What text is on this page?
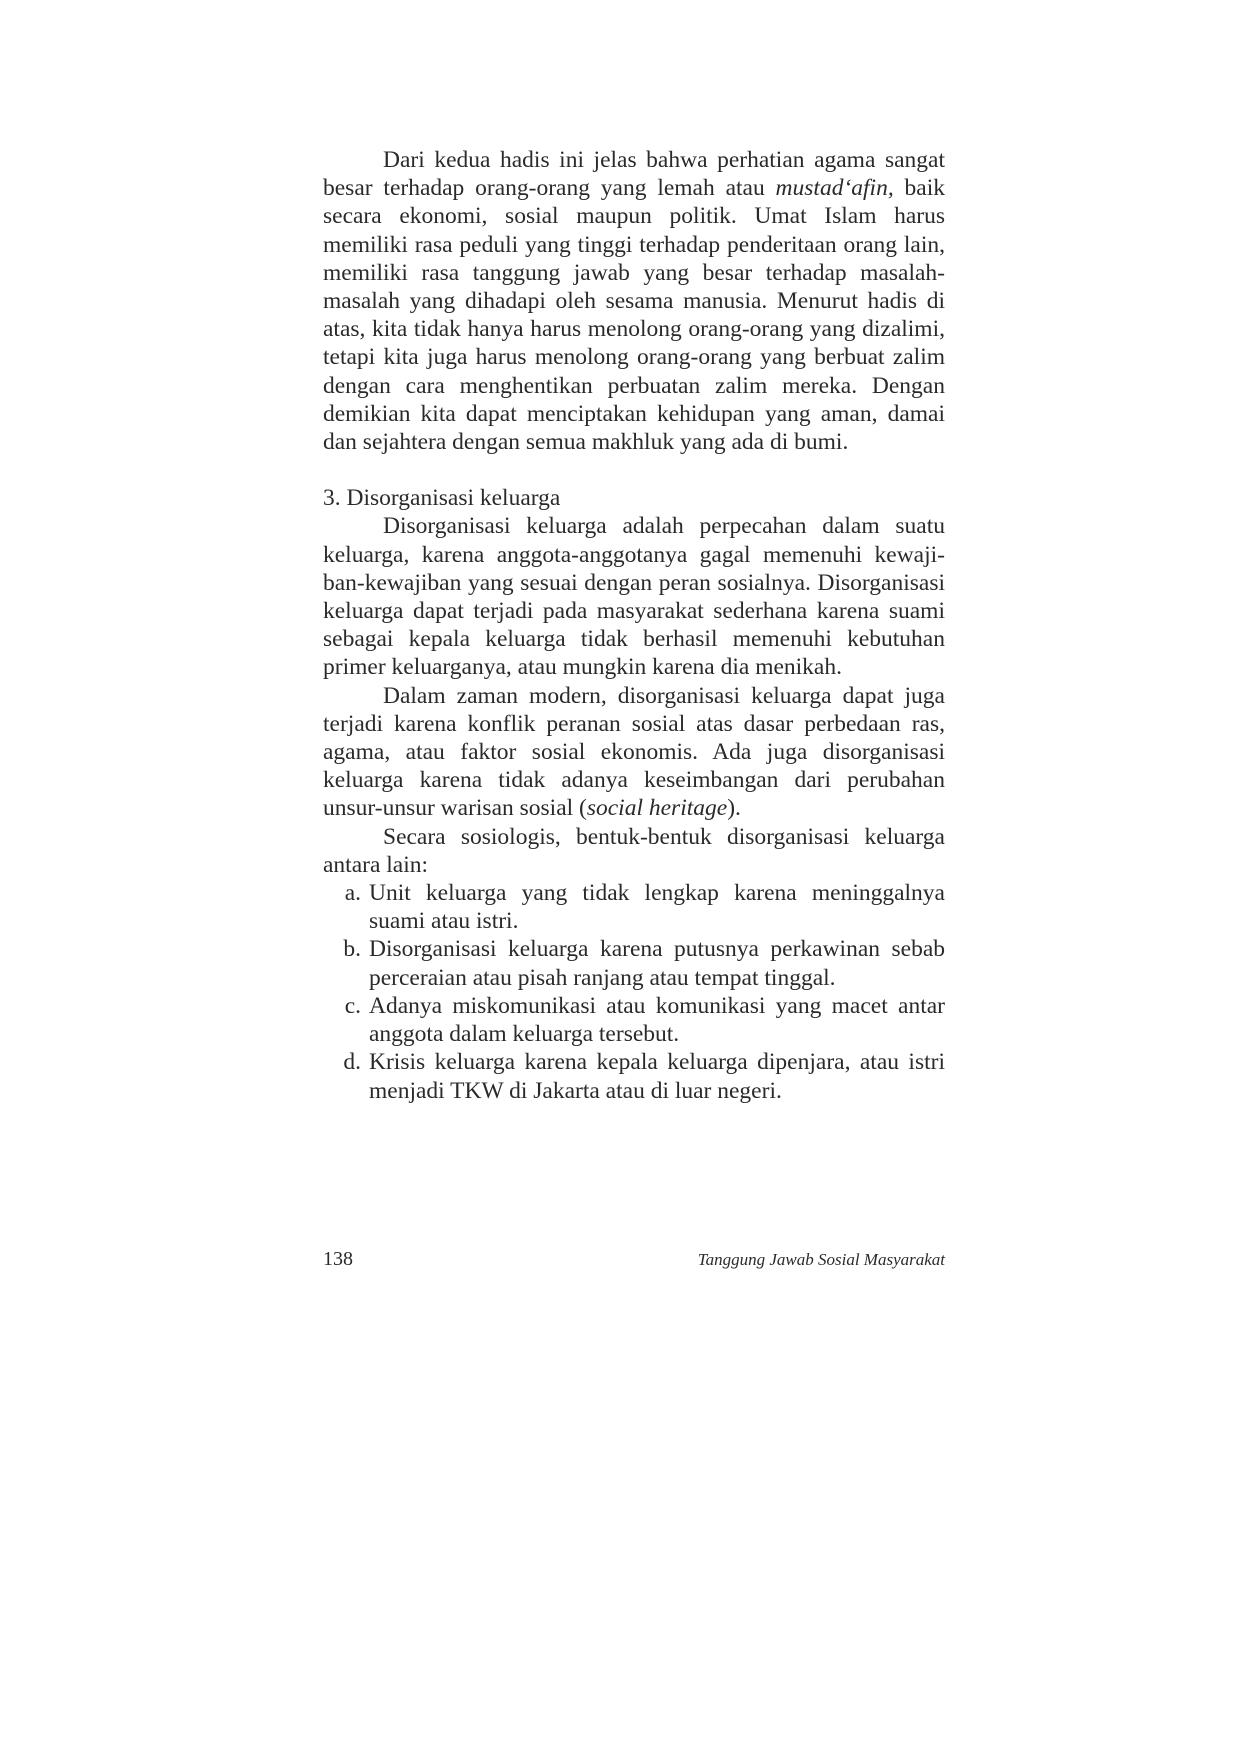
Dari kedua hadis ini jelas bahwa perhatian agama sangat besar terhadap orang-orang yang lemah atau mustad‘afin, baik secara ekonomi, sosial maupun politik. Umat Islam harus memiliki rasa peduli yang tinggi terhadap penderitaan orang lain, memiliki rasa tanggung jawab yang besar terhadap masalah-masalah yang dihadapi oleh sesama manusia. Menurut hadis di atas, kita tidak hanya harus menolong orang-orang yang dizalimi, tetapi kita juga harus menolong orang-orang yang berbuat zalim dengan cara menghentikan perbuatan zalim mereka. Dengan demikian kita dapat menciptakan kehidupan yang aman, damai dan sejahtera dengan semua makhluk yang ada di bumi.

3. Disorganisasi keluarga

Disorganisasi keluarga adalah perpecahan dalam suatu keluarga, karena anggota-anggotanya gagal memenuhi kewajiban-kewajiban yang sesuai dengan peran sosialnya. Disorganisasi keluarga dapat terjadi pada masyarakat sederhana karena suami sebagai kepala keluarga tidak berhasil memenuhi kebutuhan primer keluarganya, atau mungkin karena dia menikah.

Dalam zaman modern, disorganisasi keluarga dapat juga terjadi karena konflik peranan sosial atas dasar perbedaan ras, agama, atau faktor sosial ekonomis. Ada juga disorganisasi keluarga karena tidak adanya keseimbangan dari perubahan unsur-unsur warisan sosial (social heritage).

Secara sosiologis, bentuk-bentuk disorganisasi keluarga antara lain:

a. Unit keluarga yang tidak lengkap karena meninggalnya suami atau istri.
b. Disorganisasi keluarga karena putusnya perkawinan sebab perceraian atau pisah ranjang atau tempat tinggal.
c. Adanya miskomunikasi atau komunikasi yang macet antar anggota dalam keluarga tersebut.
d. Krisis keluarga karena kepala keluarga dipenjara, atau istri menjadi TKW di Jakarta atau di luar negeri.
138	Tanggung Jawab Sosial Masyarakat
